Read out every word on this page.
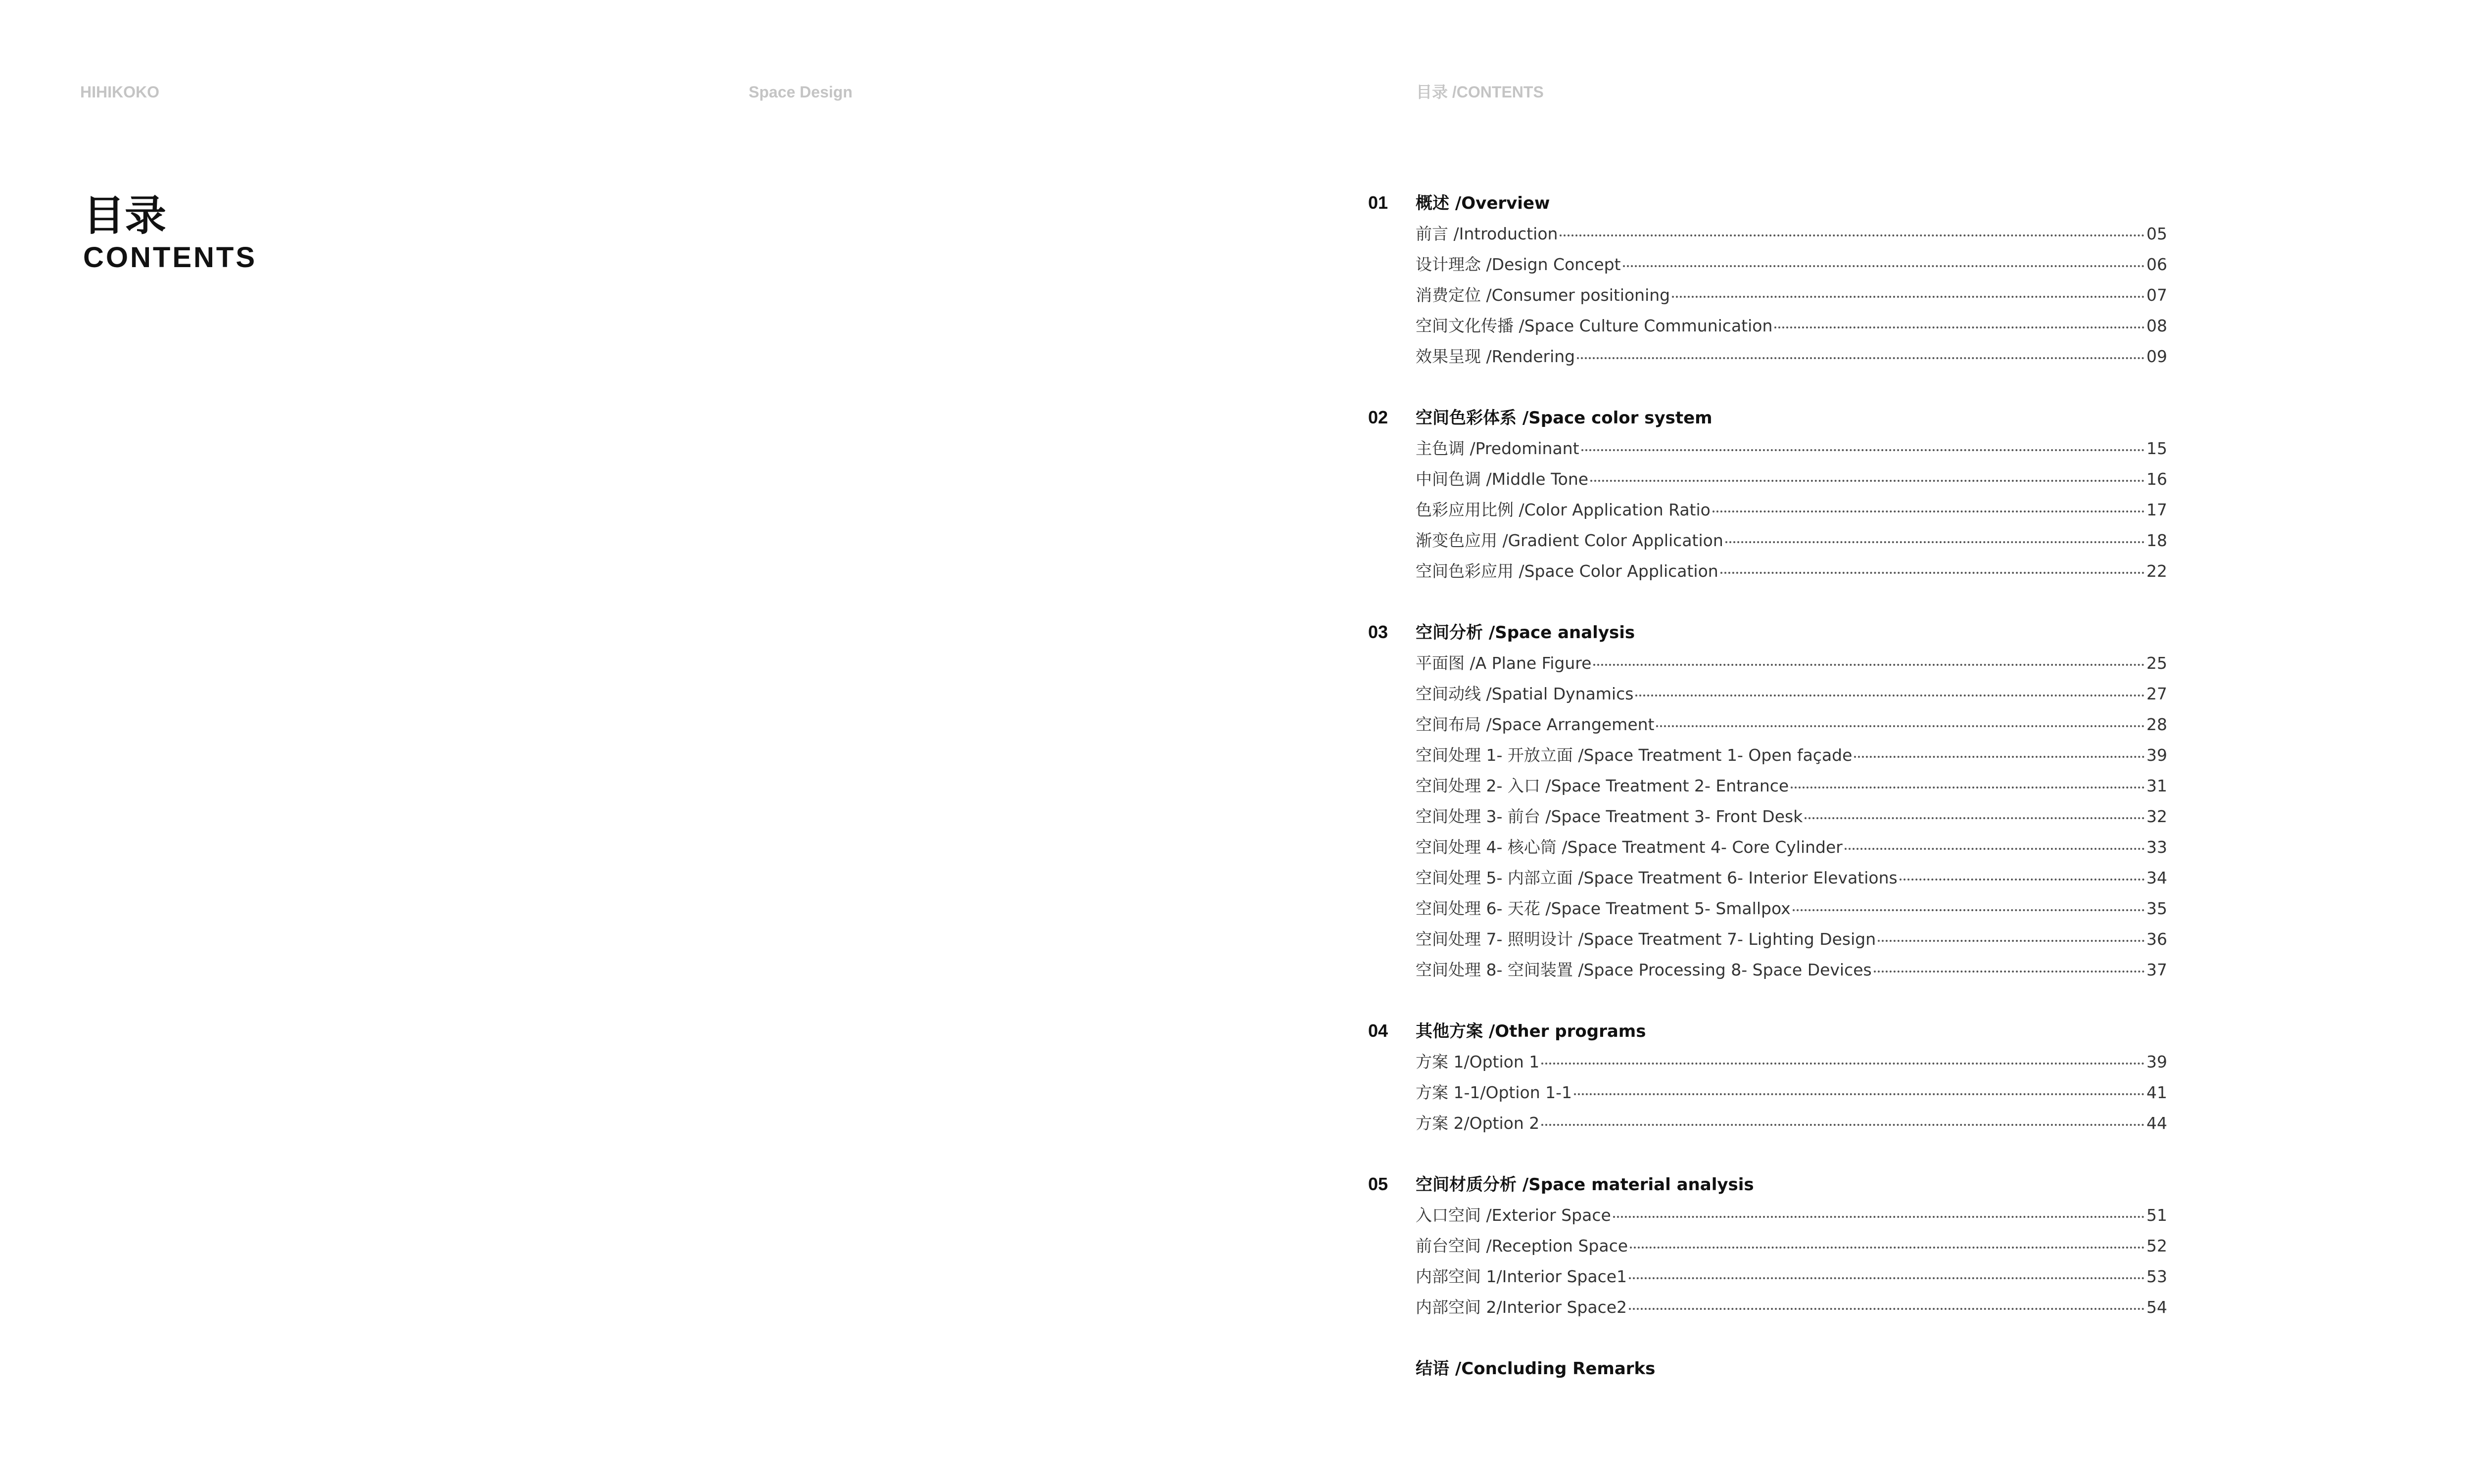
HIHIKOKO	Space Design	目录 /CONTENTS
目录
CONTENTS
01 概述 /Overview
前言 /Introduction	05
设计理念 /Design Concept	06
消费定位 /Consumer positioning	07
空间文化传播 /Space Culture Communication	08
效果呈现 /Rendering	09
02 空间色彩体系 /Space color system
主色调 /Predominant	15
中间色调 /Middle Tone	16
色彩应用比例 /Color Application Ratio	17
渐变色应用 /Gradient Color Application	18
空间色彩应用 /Space Color Application	22
03 空间分析 /Space analysis
平面图 /A Plane Figure	25
空间动线 /Spatial Dynamics	27
空间布局 /Space Arrangement	28
空间处理 1- 开放立面 /Space Treatment 1- Open façade	39
空间处理 2- 入口 /Space Treatment 2- Entrance	31
空间处理 3- 前台 /Space Treatment 3- Front Desk	32
空间处理 4- 核心筒 /Space Treatment 4- Core Cylinder	33
空间处理 5- 内部立面 /Space Treatment 6- Interior Elevations	34
空间处理 6- 天花 /Space Treatment 5- Smallpox	35
空间处理 7- 照明设计 /Space Treatment 7- Lighting Design	36
空间处理 8- 空间装置 /Space Processing 8- Space Devices	37
04 其他方案 /Other programs
方案 1/Option 1	39
方案 1-1/Option 1-1	41
方案 2/Option 2	44
05 空间材质分析 /Space material analysis
入口空间 /Exterior Space	51
前台空间 /Reception Space	52
内部空间 1/Interior Space1	53
内部空间 2/Interior Space2	54
结语 /Concluding Remarks
